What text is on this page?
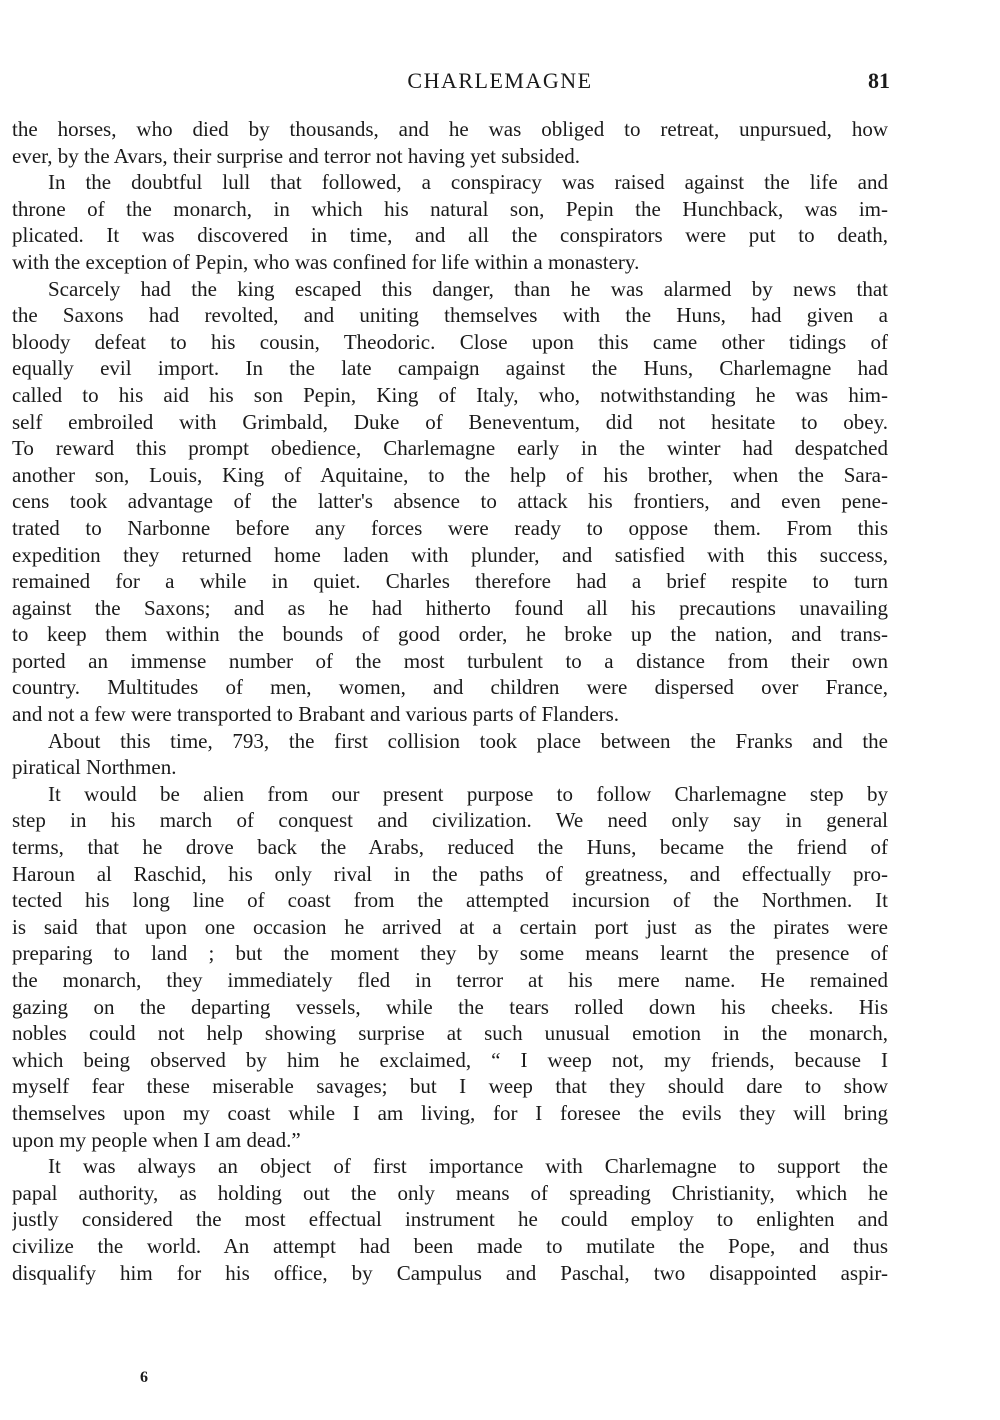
CHARLEMAGNE	81
the horses, who died by thousands, and he was obliged to retreat, unpursued, how
ever, by the Avars, their surprise and terror not having yet subsided.
In the doubtful lull that followed, a conspiracy was raised against the life and
throne of the monarch, in which his natural son, Pepin the Hunchback, was im-
plicated. It was discovered in time, and all the conspirators were put to death,
with the exception of Pepin, who was confined for life within a monastery.
Scarcely had the king escaped this danger, than he was alarmed by news that
the Saxons had revolted, and uniting themselves with the Huns, had given a
bloody defeat to his cousin, Theodoric. Close upon this came other tidings of
equally evil import. In the late campaign against the Huns, Charlemagne had
called to his aid his son Pepin, King of Italy, who, notwithstanding he was him-
self embroiled with Grimbald, Duke of Beneventum, did not hesitate to obey.
To reward this prompt obedience, Charlemagne early in the winter had despatched
another son, Louis, King of Aquitaine, to the help of his brother, when the Sara-
cens took advantage of the latter's absence to attack his frontiers, and even pene-
trated to Narbonne before any forces were ready to oppose them. From this
expedition they returned home laden with plunder, and satisfied with this success,
remained for a while in quiet. Charles therefore had a brief respite to turn
against the Saxons; and as he had hitherto found all his precautions unavailing
to keep them within the bounds of good order, he broke up the nation, and trans-
ported an immense number of the most turbulent to a distance from their own
country. Multitudes of men, women, and children were dispersed over France,
and not a few were transported to Brabant and various parts of Flanders.
About this time, 793, the first collision took place between the Franks and the
piratical Northmen.
It would be alien from our present purpose to follow Charlemagne step by
step in his march of conquest and civilization. We need only say in general
terms, that he drove back the Arabs, reduced the Huns, became the friend of
Haroun al Raschid, his only rival in the paths of greatness, and effectually pro-
tected his long line of coast from the attempted incursion of the Northmen. It
is said that upon one occasion he arrived at a certain port just as the pirates were
preparing to land ; but the moment they by some means learnt the presence of
the monarch, they immediately fled in terror at his mere name. He remained
gazing on the departing vessels, while the tears rolled down his cheeks. His
nobles could not help showing surprise at such unusual emotion in the monarch,
which being observed by him he exclaimed, “ I weep not, my friends, because I
myself fear these miserable savages; but I weep that they should dare to show
themselves upon my coast while I am living, for I foresee the evils they will bring
upon my people when I am dead.”
It was always an object of first importance with Charlemagne to support the
papal authority, as holding out the only means of spreading Christianity, which he
justly considered the most effectual instrument he could employ to enlighten and
civilize the world. An attempt had been made to mutilate the Pope, and thus
disqualify him for his office, by Campulus and Paschal, two disappointed aspir-
6
